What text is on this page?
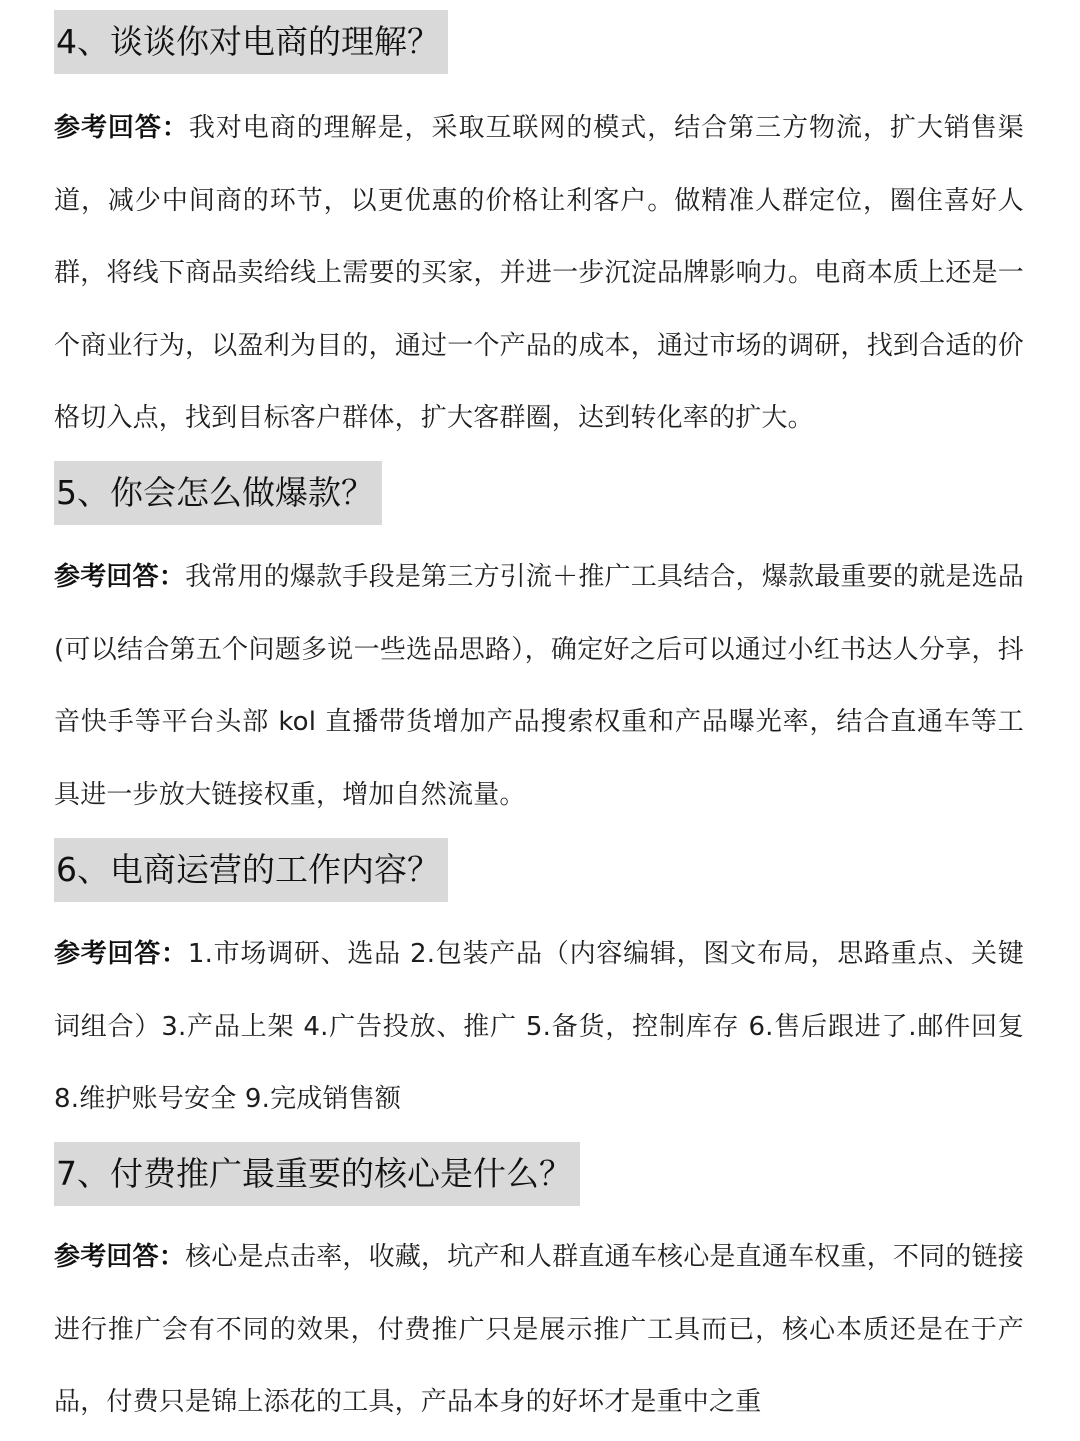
4、谈谈你对电商的理解？
参考回答：我对电商的理解是，采取互联网的模式，结合第三方物流，扩大销售渠道，减少中间商的环节，以更优惠的价格让利客户。做精准人群定位，圈住喜好人群，将线下商品卖给线上需要的买家，并进一步沉淀品牌影响力。电商本质上还是一个商业行为，以盈利为目的，通过一个产品的成本，通过市场的调研，找到合适的价格切入点，找到目标客户群体，扩大客群圈，达到转化率的扩大。
5、你会怎么做爆款？
参考回答：我常用的爆款手段是第三方引流＋推广工具结合，爆款最重要的就是选品(可以结合第五个问题多说一些选品思路），确定好之后可以通过小红书达人分享，抖音快手等平台头部 kol 直播带货增加产品搜索权重和产品曝光率，结合直通车等工具进一步放大链接权重，增加自然流量。
6、电商运营的工作内容？
参考回答：1.市场调研、选品 2.包装产品（内容编辑，图文布局，思路重点、关键词组合）3.产品上架 4.广告投放、推广 5.备货，控制库存 6.售后跟进了.邮件回复 8.维护账号安全 9.完成销售额
7、付费推广最重要的核心是什么？
参考回答：核心是点击率，收藏，坑产和人群直通车核心是直通车权重，不同的链接进行推广会有不同的效果，付费推广只是展示推广工具而已，核心本质还是在于产品，付费只是锦上添花的工具，产品本身的好坏才是重中之重
